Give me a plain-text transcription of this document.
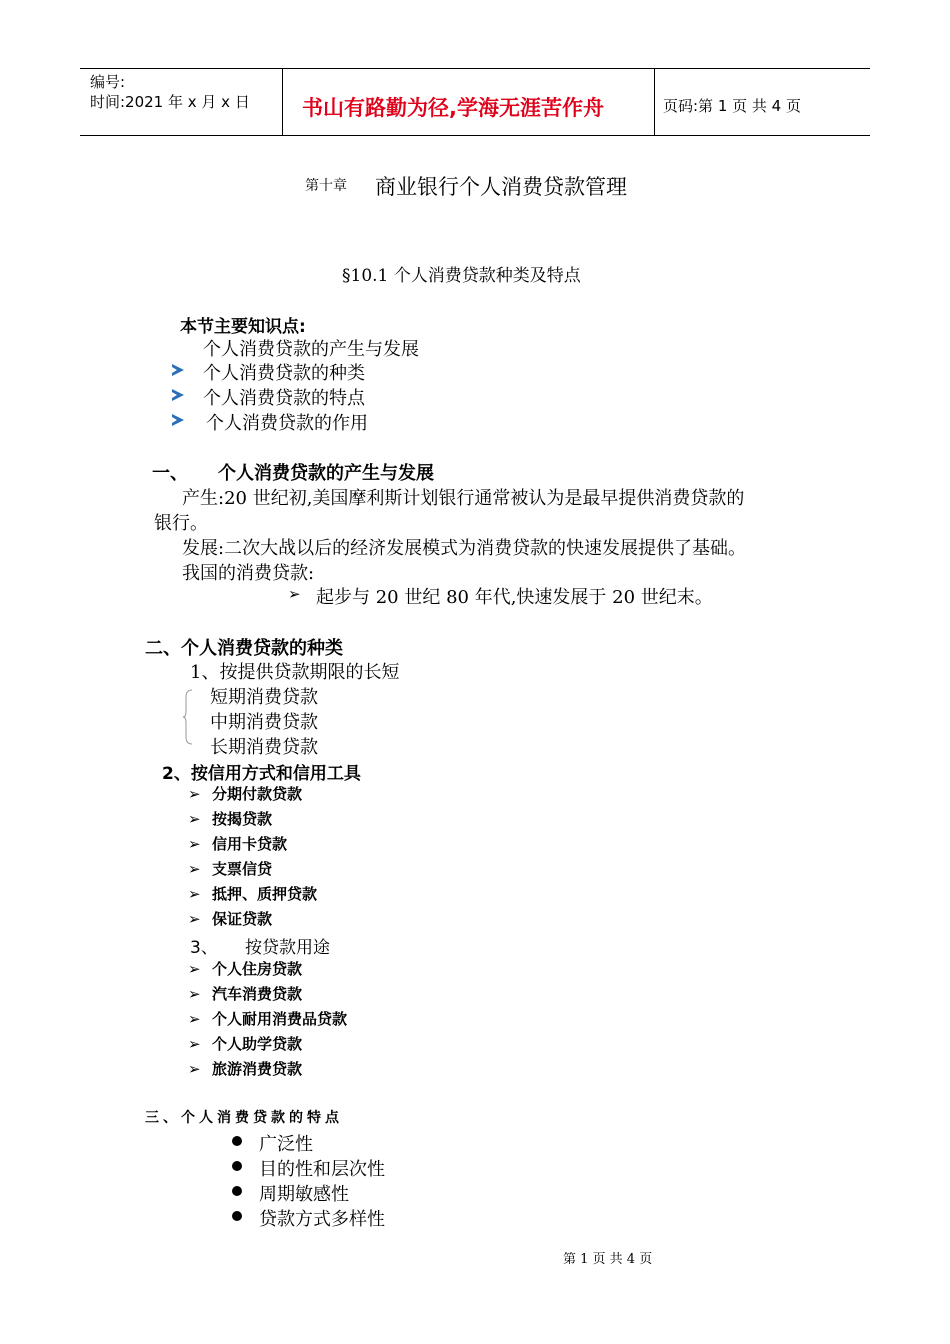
编号:
时间:2021 年 x 月 x 日 书山有路勤为径,学海无涯苦作舟	页码:第 1 页 共 4 页
第十章 商业银行个人消费贷款管理
§10.1 个人消费贷款种类及特点
本节主要知识点:
个人消费贷款的产生与发展
个人消费贷款的种类
个人消费贷款的特点
个人消费贷款的作用
一、 个人消费贷款的产生与发展
产生:20 世纪初,美国摩利斯计划银行通常被认为是最早提供消费贷款的
银行。
发展:二次大战以后的经济发展模式为消费贷款的快速发展提供了基础。
我国的消费贷款:
➢ 起步与 20 世纪 80 年代,快速发展于 20 世纪末。
二、个人消费贷款的种类
1、按提供贷款期限的长短
短期消费贷款
中期消费贷款
长期消费贷款
2、按信用方式和信用工具
➢ 分期付款贷款
➢ 按揭贷款
➢ 信用卡贷款
➢ 支票信贷
➢ 抵押、质押贷款
➢ 保证贷款
3、 按贷款用途
➢ 个人住房贷款
➢ 汽车消费贷款
➢ 个人耐用消费品贷款
➢ 个人助学贷款
➢ 旅游消费贷款
三、个人消费贷款的特点
广泛性
目的性和层次性
周期敏感性
贷款方式多样性
第 1 页 共 4 页
